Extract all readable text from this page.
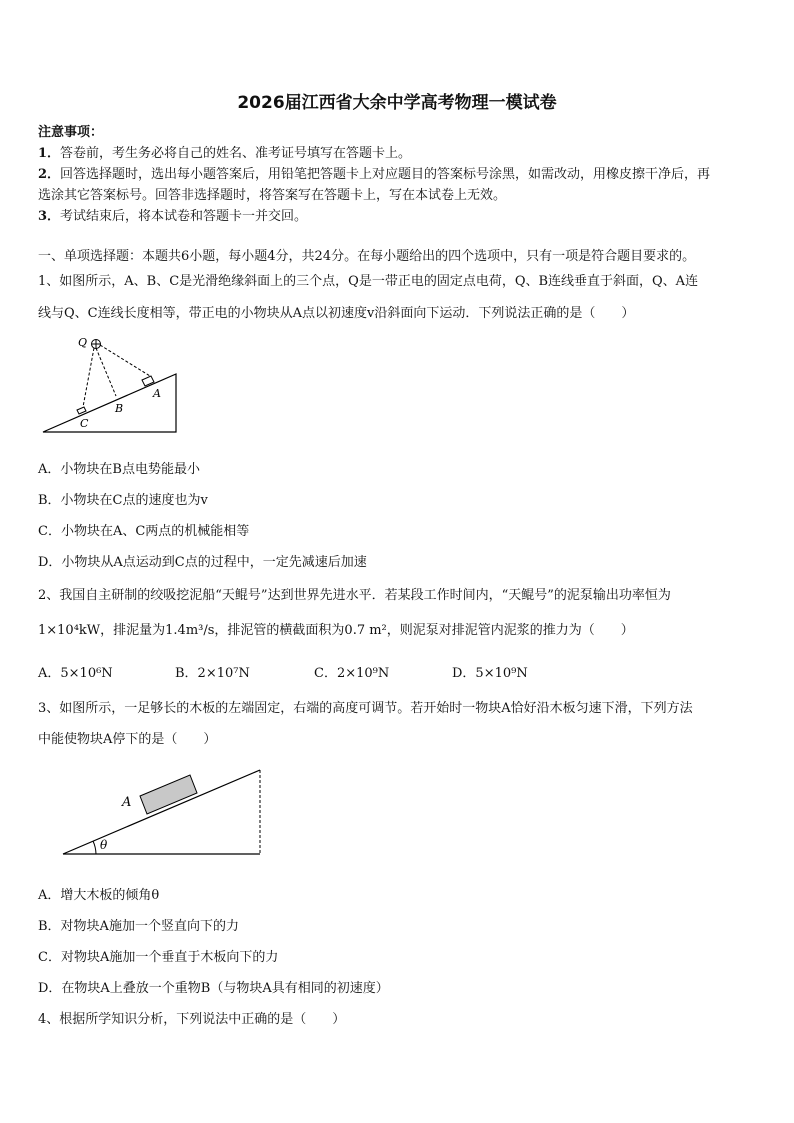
2026届江西省大余中学高考物理一模试卷
注意事项：
1．答卷前，考生务必将自己的姓名、准考证号填写在答题卡上。
2．回答选择题时，选出每小题答案后，用铅笔把答题卡上对应题目的答案标号涂黑，如需改动，用橡皮擦干净后，再
选涂其它答案标号。回答非选择题时，将答案写在答题卡上，写在本试卷上无效。
3．考试结束后，将本试卷和答题卡一并交回。
一、单项选择题：本题共6小题，每小题4分，共24分。在每小题给出的四个选项中，只有一项是符合题目要求的。
1、如图所示，A、B、C是光滑绝缘斜面上的三个点，Q是一带正电的固定点电荷，Q、B连线垂直于斜面，Q、A连
线与Q、C连线长度相等，带正电的小物块从A点以初速度v沿斜面向下运动．下列说法正确的是（　　）
Q
A
B
C
A．小物块在B点电势能最小
B．小物块在C点的速度也为v
C．小物块在A、C两点的机械能相等
D．小物块从A点运动到C点的过程中，一定先减速后加速
2、我国自主研制的绞吸挖泥船“天鲲号”达到世界先进水平．若某段工作时间内，“天鲲号”的泥泵输出功率恒为
1×10⁴kW，排泥量为1.4m³/s，排泥管的横截面积为0.7 m²，则泥泵对排泥管内泥浆的推力为（　　）
A．5×10⁶N	B．2×10⁷N	C．2×10⁹N	D．5×10⁹N
3、如图所示，一足够长的木板的左端固定，右端的高度可调节。若开始时一物块A恰好沿木板匀速下滑，下列方法
中能使物块A停下的是（　　）
A
θ
A．增大木板的倾角θ
B．对物块A施加一个竖直向下的力
C．对物块A施加一个垂直于木板向下的力
D．在物块A上叠放一个重物B（与物块A具有相同的初速度）
4、根据所学知识分析，下列说法中正确的是（　　）
